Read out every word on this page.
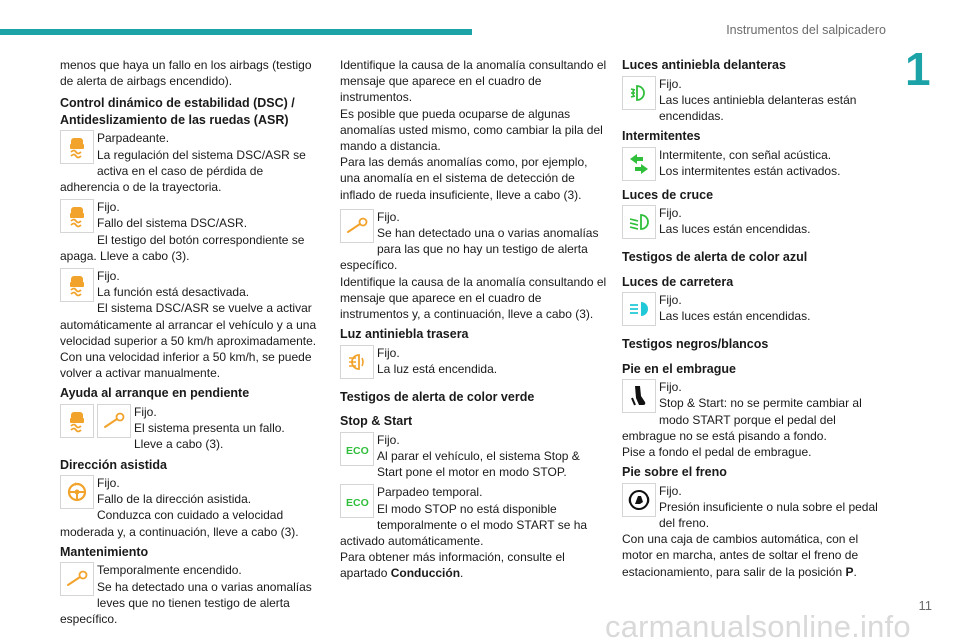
Instrumentos del salpicadero
1
menos que haya un fallo en los airbags (testigo de alerta de airbags encendido).
Control dinámico de estabilidad (DSC) / Antideslizamiento de las ruedas (ASR)
Parpadeante.
La regulación del sistema DSC/ASR se activa en el caso de pérdida de adherencia o de la trayectoria.
Fijo.
Fallo del sistema DSC/ASR.
El testigo del botón correspondiente se apaga. Lleve a cabo (3).
Fijo.
La función está desactivada.
El sistema DSC/ASR se vuelve a activar automáticamente al arrancar el vehículo y a una velocidad superior a 50 km/h aproximadamente.
Con una velocidad inferior a 50 km/h, se puede volver a activar manualmente.
Ayuda al arranque en pendiente
Fijo.
El sistema presenta un fallo.
Lleve a cabo (3).
Dirección asistida
!	Fijo.
Fallo de la dirección asistida.
Conduzca con cuidado a velocidad moderada y, a continuación, lleve a cabo (3).
Mantenimiento
Temporalmente encendido.
Se ha detectado una o varias anomalías leves que no tienen testigo de alerta específico.
Identifique la causa de la anomalía consultando el mensaje que aparece en el cuadro de instrumentos.
Es posible que pueda ocuparse de algunas anomalías usted mismo, como cambiar la pila del mando a distancia.
Para las demás anomalías como, por ejemplo, una anomalía en el sistema de detección de inflado de rueda insuficiente, lleve a cabo (3).
Fijo.
Se han detectado una o varias anomalías para las que no hay un testigo de alerta específico.
Identifique la causa de la anomalía consultando el mensaje que aparece en el cuadro de instrumentos y, a continuación, lleve a cabo (3).
Luz antiniebla trasera
Fijo.
La luz está encendida.
Testigos de alerta de color verde
Stop & Start
ECO
Fijo.
Al parar el vehículo, el sistema Stop & Start pone el motor en modo STOP.
ECO
Parpadeo temporal.
El modo STOP no está disponible temporalmente o el modo START se ha activado automáticamente.
Para obtener más información, consulte el apartado Conducción.
Luces antiniebla delanteras
Fijo.
Las luces antiniebla delanteras están encendidas.
Intermitentes
Intermitente, con señal acústica.
Los intermitentes están activados.
Luces de cruce
Fijo.
Las luces están encendidas.
Testigos de alerta de color azul
Luces de carretera
Fijo.
Las luces están encendidas.
Testigos negros/blancos
Pie en el embrague
Fijo.
Stop & Start: no se permite cambiar al modo START porque el pedal del embrague no se está pisando a fondo.
Pise a fondo el pedal de embrague.
Pie sobre el freno
Fijo.
Presión insuficiente o nula sobre el pedal del freno.
Con una caja de cambios automática, con el motor en marcha, antes de soltar el freno de estacionamiento, para salir de la posición P.
11
carmanualsonline.info
